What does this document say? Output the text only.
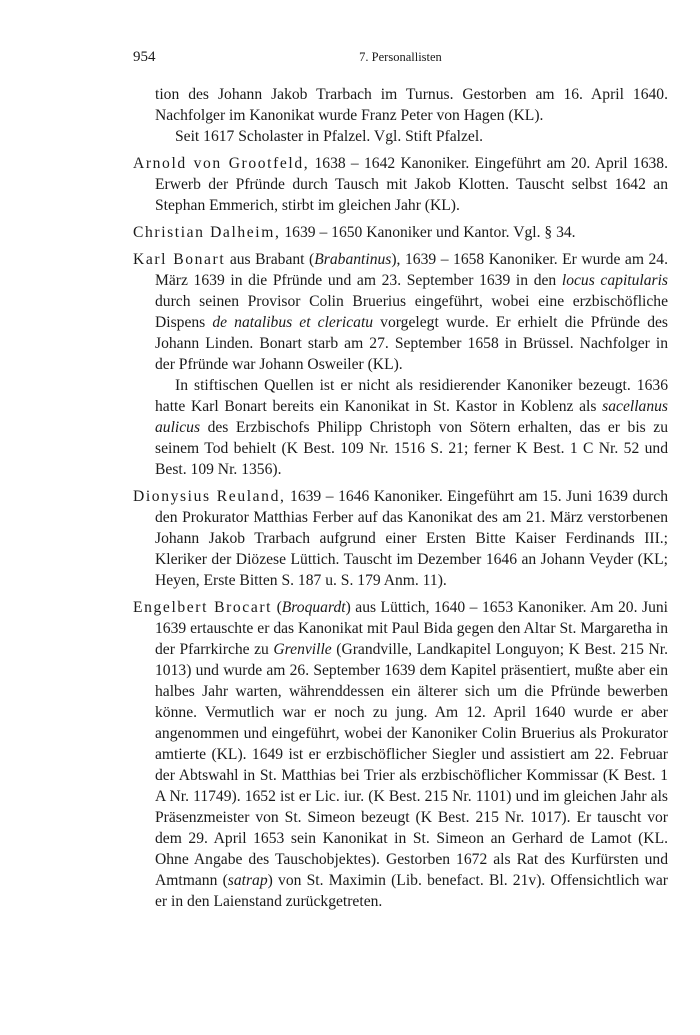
954	7. Personallisten

tion des Johann Jakob Trarbach im Turnus. Gestorben am 16. April 1640. Nachfolger im Kanonikat wurde Franz Peter von Hagen (KL).

Seit 1617 Scholaster in Pfalzel. Vgl. Stift Pfalzel.

Arnold von Grootfeld, 1638 – 1642 Kanoniker. Eingeführt am 20. April 1638. Erwerb der Pfründe durch Tausch mit Jakob Klotten. Tauscht selbst 1642 an Stephan Emmerich, stirbt im gleichen Jahr (KL).

Christian Dalheim, 1639 – 1650 Kanoniker und Kantor. Vgl. § 34.

Karl Bonart aus Brabant (Brabantinus), 1639 – 1658 Kanoniker. Er wurde am 24. März 1639 in die Pfründe und am 23. September 1639 in den locus capitularis durch seinen Provisor Colin Bruerius eingeführt, wobei eine erzbischöfliche Dispens de natalibus et clericatu vorgelegt wurde. Er erhielt die Pfründe des Johann Linden. Bonart starb am 27. September 1658 in Brüssel. Nachfolger in der Pfründe war Johann Osweiler (KL).

In stiftischen Quellen ist er nicht als residierender Kanoniker bezeugt. 1636 hatte Karl Bonart bereits ein Kanonikat in St. Kastor in Koblenz als sacellanus aulicus des Erzbischofs Philipp Christoph von Sötern erhalten, das er bis zu seinem Tod behielt (K Best. 109 Nr. 1516 S. 21; ferner K Best. 1 C Nr. 52 und Best. 109 Nr. 1356).

Dionysius Reuland, 1639 – 1646 Kanoniker. Eingeführt am 15. Juni 1639 durch den Prokurator Matthias Ferber auf das Kanonikat des am 21. März verstorbenen Johann Jakob Trarbach aufgrund einer Ersten Bitte Kaiser Ferdinands III.; Kleriker der Diözese Lüttich. Tauscht im Dezember 1646 an Johann Veyder (KL; Heyen, Erste Bitten S. 187 u. S. 179 Anm. 11).

Engelbert Brocart (Broquardt) aus Lüttich, 1640 – 1653 Kanoniker. Am 20. Juni 1639 ertauschte er das Kanonikat mit Paul Bida gegen den Altar St. Margaretha in der Pfarrkirche zu Grenville (Grandville, Landkapitel Longuyon; K Best. 215 Nr. 1013) und wurde am 26. September 1639 dem Kapitel präsentiert, mußte aber ein halbes Jahr warten, währenddessen ein älterer sich um die Pfründe bewerben könne. Vermutlich war er noch zu jung. Am 12. April 1640 wurde er aber angenommen und eingeführt, wobei der Kanoniker Colin Bruerius als Prokurator amtierte (KL). 1649 ist er erzbischöflicher Siegler und assistiert am 22. Februar der Abtswahl in St. Matthias bei Trier als erzbischöflicher Kommissar (K Best. 1 A Nr. 11749). 1652 ist er Lic. iur. (K Best. 215 Nr. 1101) und im gleichen Jahr als Präsenzmeister von St. Simeon bezeugt (K Best. 215 Nr. 1017). Er tauscht vor dem 29. April 1653 sein Kanonikat in St. Simeon an Gerhard de Lamot (KL. Ohne Angabe des Tauschobjektes). Gestorben 1672 als Rat des Kurfürsten und Amtmann (satrap) von St. Maximin (Lib. benefact. Bl. 21v). Offensichtlich war er in den Laienstand zurückgetreten.
